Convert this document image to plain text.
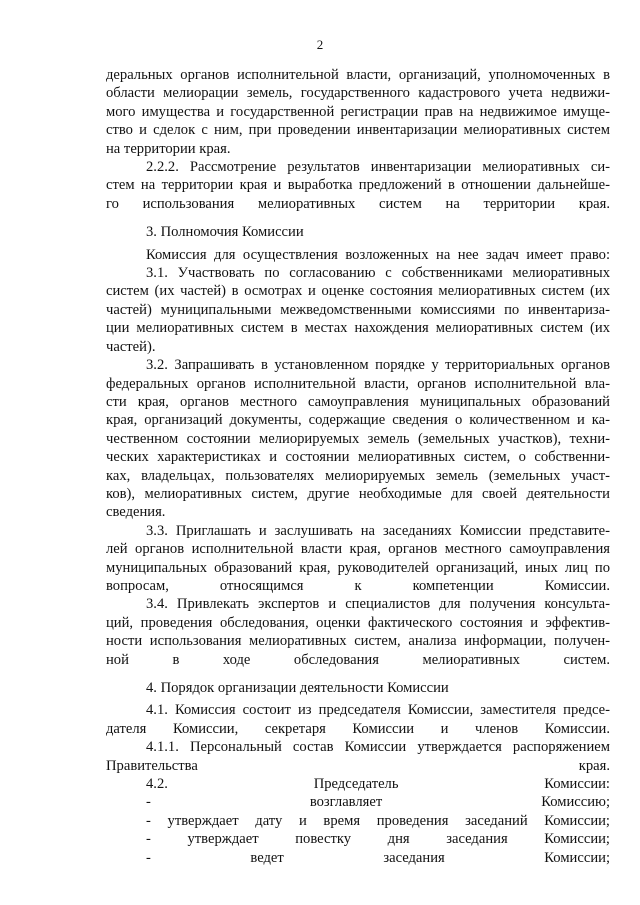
2
деральных органов исполнительной власти, организаций, уполномоченных в
области мелиорации земель, государственного кадастрового учета недвижи-
мого имущества и государственной регистрации прав на недвижимое имуще-
ство и сделок с ним, при проведении инвентаризации мелиоративных систем
на территории края.
2.2.2. Рассмотрение результатов инвентаризации мелиоративных си-
стем на территории края и выработка предложений в отношении дальнейше-
го использования мелиоративных систем на территории края.
3. Полномочия Комиссии
Комиссия для осуществления возложенных на нее задач имеет право:
3.1. Участвовать по согласованию с собственниками мелиоративных
систем (их частей) в осмотрах и оценке состояния мелиоративных систем (их
частей) муниципальными межведомственными комиссиями по инвентариза-
ции мелиоративных систем в местах нахождения мелиоративных систем (их
частей).
3.2. Запрашивать в установленном порядке у территориальных органов
федеральных органов исполнительной власти, органов исполнительной вла-
сти края, органов местного самоуправления муниципальных образований
края, организаций документы, содержащие сведения о количественном и ка-
чественном состоянии мелиорируемых земель (земельных участков), техни-
ческих характеристиках и состоянии мелиоративных систем, о собственни-
ках, владельцах, пользователях мелиорируемых земель (земельных участ-
ков), мелиоративных систем, другие необходимые для своей деятельности
сведения.
3.3. Приглашать и заслушивать на заседаниях Комиссии представите-
лей органов исполнительной власти края, органов местного самоуправления
муниципальных образований края, руководителей организаций, иных лиц по
вопросам, относящимся к компетенции Комиссии.
3.4. Привлекать экспертов и специалистов для получения консульта-
ций, проведения обследования, оценки фактического состояния и эффектив-
ности использования мелиоративных систем, анализа информации, получен-
ной в ходе обследования мелиоративных систем.
4. Порядок организации деятельности Комиссии
4.1. Комиссия состоит из председателя Комиссии, заместителя предсе-
дателя Комиссии, секретаря Комиссии и членов Комиссии.
4.1.1. Персональный состав Комиссии утверждается распоряжением
Правительства края.
4.2. Председатель Комиссии:
- возглавляет Комиссию;
- утверждает дату и время проведения заседаний Комиссии;
- утверждает повестку дня заседания Комиссии;
- ведет заседания Комиссии;
